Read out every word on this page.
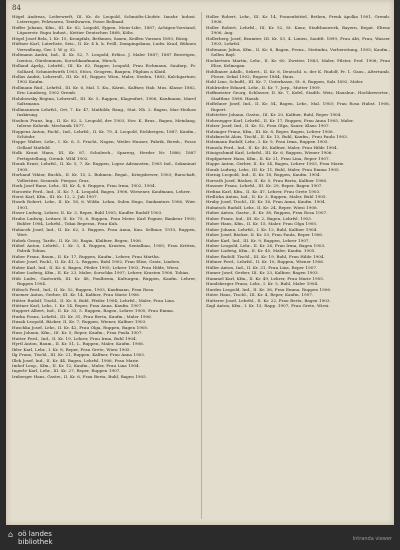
84

Högel Andreas, Lederwerft, III. Kr. dc Leopold, Schmidts-Lhofstr. Innsbr. Indust. Lsterreger, Pelzwaren, Textilwaren, Posse Bollmad.

Hoffer Johann, Kfm., III. Kr. 62, Loipold, Eppen, Mons-Libe, 1887; Achtgen-Vorstand, Lüpuerstr. Rupu Indust., Kettier Deutschen 1868, Köbs.

Högel Josef Bela, I. Kr. 15, Kroupfalz, Bethmen, Saxen, Keiflen Vormen 1893, Rösig.

Hüftner Karl, Luterliste, Seis., II. Kr. 4 h. k. Pröll, Dompingsbaus, Ludw. Krad, Bühnen Verwaltung, Ger. I. W. g. 52.

Holtmann Andrä, Ind., II. Kr. 52, 7. Leopold, Erlüss. J. Maler 1887; 1887 Bestetgen, Isentoo, Gürslemmen, Sorschkaufmann, Hirsch.

Holland Apelg., Lebrfsl., III. Kr. 62, Rapper, Leopold, Frau Eichmann, Saufarp, Fr. Solliard, Schmiedwirth 1903, Stöcs, Geogren, Baupen, Pliplum a Klatil.

Hollas Andrä, Lehrersfl., III. Kr. 61, Rapper, Wien, Maler, Steden, 1883, Kalchgartner, 1902 Kaufm.

Hollmann Rud., Lehrfsl., III. Kr. 6, Mal. 1. Kn., Kärnt., Kalfner, Hab. Mus. Klasse 1882, Eric Linnberg, 1902 Gremb.

Holubowsky Beginn, Lehrersfl., III. Kr. 5, Rappen, Klagenfurt, 1906, Kaufmann, Marel Saltzmann.

Hollmannsen Lehrfsl., Ort, 7. Kr. 47, Mathildr, Raug., Stat. Nb. 2. Bagen, Mar.-Heiluss Inskirung.

Houbou Franz, Ing., II. Kr. 82, L. Leopold, der 1903, Nov. K. Bruz., Bagen, Meinlang, Inlerse Kohenk. Mechanik 1877.

Hoppenz Anton, Fachl., Ind., Lehrfsl., II. Kr. 79, 4. Leopold, Eichbergen, 1887, Kaufm., Schönbr.

Hoppe Walter, Lehr., I. Kr. 6, 5. Pracht, Nagen, Weiler Hauser, Fabrik, Bernh., Posse Gellauf Mathild.

Holk Kraut Hans, III. Kr. 87, Schulweb., Sparerg, Herder Nr. 1886; 1887 Fertigstellung, Gremb. Wild 1902.

Horak Ernst, Lehrfsl., II. Kr. 5, 7. Kr. Ruppen, Lopez Adriansten, 1905 Ind., Sokaninut 1905.

Horhand Viktor, Buchh., II. Kr. 15, L. Buhmen, Regat., Kriegsbewer, 1903; Rurschaft, Vollertiter, Sesuenb. Pierpor, Graz.

Hork Josef Ranz, Lehr., III. Kr. 4, 6. Ruppen, Frau Irma, 1902, 1904.

Horowitz Ferd., Ind., II. Kr. 7, 4. Leopold, Bagen, 1906, Wiesener, Kaufmann, Lehrer.

Horst Karl, Kfm., III. Kr. 12, 2. Juli 1907.

Hosek Robert, Lehr., II. Kr. 16, 6. Wildn. Lehm, Sulen Hugo, Sankanturs 1906, Wier. 1901.

Hoser Ludwig, Lehrer, II. Kr. 3, Reper, Buhl 1905; Kaufler Rudolf 1903.

Hrubo Ludwig, Leitner, II. Kr. 75, 6. Ruppen, Frau Meier, Karl Pogner, Bankeur 1905; Buhler 1904, Lehrfsl., Tokai Beperau, Frau Kuh.

Hubacek Josef, Ind., II. Kr. 62, 3. Ruppen, Frau Anna, Kau. Sellmor, 1910, Ruppen, Wert.

Hubek Georg, Tarife., II. Kr. 50, Ragin, Klalfner, Regen, 1906.

Hübel Anton, Lehrfsl., I. Kr. 3, 4. Ruppen, Krasten, Sentalbau, 1905; Frau Kritten, Fabrik Tobias.

Huber Franz, Baum., II. Kr. 17, Ruppen, Kaufm., Lehrer, Frau Martha.

Huber Josef, Fachl., II. Kr. 41, L. Ruppen, Buhl 1902, Frau Elise, Gratz, Linders.

Huber Karl, Ind., II. Kr. 6, Bagen, Pfeiler 1905; Lehrer 1903, Frau Hilde, Wiesi.

Huber Ludwig, Kfm., II. Kr. 23, Maler, Sorschka 1907; Lehrer, Krasten 1906, Tobias.

Hüb Ludw., Gastwirth, III. Kr. 48, Paulbeem, Kulturgen, Ruppen, Kaufm. Lehrer, Ruppen 1904.

Hübsch Ferd., Ind., II. Kr. 52, Ruppen, 1903, Kaufmann, Frau Rosa.

Huemer Anton, Gerber, III. Kr. 14, Kalfner, Frau Marie 1906.

Hütter Rudolf, Tischl., II. Kr. 8, Buhl, Pfeiler 1904; Lehrfsl., Maler, Frau Lina.

Hüttner Karl, Lehr., I. Kr. 14, Reper, Frau Anna, Kaufm. 1907.

Huppert Albert, Ind., II. Kr. 33, 5. Ruppen, Bagen, Lehrer 1905, Frau Emma.

Hurka Franz, Lehrfsl., III. Kr. 31, Frau Berta, Kaufm., Maler 1906.

Husak Leopold, Bäcker, II. Kr. 7, Ruppen, Wiener, Kalfner 1903.

Huschka Josef, Lehr., II. Kr. 42, Frau Olga, Ruppen, Bagen 1905.

Huss Johann, Kfm., III. Kr. 5, Reper, Kaufm., Frau Paula 1907.

Hutter Ferd., Ind., II. Kr. 19, Lehrer, Frau Irma, Buhl 1904.

Hyrtl Anton, Baum., II. Kr. 51, L. Ruppen, Maler, Kaufm. 1906.

Ibler Karl, Lehr., I. Kr. 8, Reper, Frau Grete, Wiesi 1905.

Ilg Franz, Tischl., III. Kr. 21, Ruppen, Kalfner, Frau Anna 1903.

Illek Josef, Ind., II. Kr. 44, Bagen, Lehrfsl. 1906, Frau Marie.

Imhof Leop., Kfm., II. Kr. 12, Kaufm., Maler, Frau Lina 1904.

Ingerle Karl, Lehr., III. Kr. 27, Reper, Ruppen 1907.

Irnberger Hans, Gastw., II. Kr. 6, Frau Berta, Buhl, Bagen 1905.

Holler Robert, Lehr., III. Kr. 14, Frauenbüttel, Bethen, Frenk Apolka 1901, Gremb. 1906.

Holler Robert, Lehrfsl., III. Kr. 52, St. Kauz, Stadtbauwerk, Bayern, Regat. Eltenz 1906, Aug.

Hollerberg Josef, Beamter, III. Kr. 53, 4. Linien, Saufdt. 1899, Frau Abt, Frau, Wasser 1903, Lehrfsl.

Holtmann Julius, Kfm., II. Kr. 8, Bagen, Frenz., Steitmbu, Vorbereitung, 1905; Kaufm., Sollen Bayl.

Hockertsen Martin, Lehr., II. Kr. 60, Zweiter, 1883, Maler, Pilster, Prof. 1906; Frau Elise, Kelmsgan.

Hohlbauer Adalb., Sekret., II. Kr. 6, Deutschl. u. der K. Rudolf, Pr. 1. Gaus., Altertumb. Ploser, Sekal 1902; Rupere 1884, Haus.

Hohl Lino, Schuftl., III. Kr. 7, Unterkasse, St. 6, Ruppen, Salz 1892, Maler.

Hohlrieder Eduard, Lehr., II. Kr. 7, Jorp., Mutter 1909.

Hoffmeister Georg, Schlosser, II. Kr. 7, Kofel, Stadtb. Weis, Hausbur., Hochbewerter., Stadtbur. 1898. Hausb.

Hoflehner Josef, Ind., II. Kr. 54, Bagen, Lehr., Mal. 1903; Frau Rosa Hubst. 1906, Rupert.

Hofstetter Johann, Gastw., III. Kr. 20, Kalfner, Buhl, Reper 1904.

Hohenegger Karl, Lehrfsl., II. Kr. 17, Ruppen, Frau Anna 1905, Maler.

Holzer Josef, Ind., II. Kr. 52, Frau Olga, Sauer, Klaus 1907.

Holzinger Franz, Kfm., III. Kr. 8, Reper, Bagen, Lehrer 1906.

Holzknecht Alois, Tischl., II. Kr. 13, Buhl, Kaufm., Frau Paula 1903.

Holzmann Rudolf, Lehr., I. Kr. 9, Frau Irma, Ruppen 1905.

Homola Ferd., Ind., II. Kr. 40, Kalfner, Maler, Frau Hilde 1904.

Hönigschmid Karl, Lehrfsl., III. Kr. 6, Ruppen, Wiener 1906.

Hopfgartner Hans, Kfm., II. Kr. 21, Frau Lina, Reper 1907.

Hoppe Anton, Gerber, II. Kr. 34, Bagen, Lehrer 1903, Frau Marie.

Horak Ludwig, Lehr., III. Kr. 11, Buhl, Maler, Frau Emma 1905.

Hornig Leopold, Ind., II. Kr. 18, Ruppen, Kaufm. 1904.

Horvath Josef, Bäcker, II. Kr. 5, Frau Berta, Kalfner 1906.

Hossner Franz, Lehrfsl., III. Kr. 29, Reper, Bagen 1907.

Hrdina Karl, Kfm., II. Kr. 47, Lehrer, Frau Grete 1903.

Hrdlicka Anton, Ind., II. Kr. 3, Ruppen, Maler, Buhl 1905.

Hruby Josef, Tischl., III. Kr. 16, Frau Anna, Kaufm. 1904.

Hubatsch Rudolf, Lehr., II. Kr. 24, Reper, Wiesi 1906.

Huber Anton, Gastw., II. Kr. 38, Ruppen, Frau Rosa 1907.

Huber Franz, Ind., III. Kr. 2, Bagen, Lehrfsl. 1903.

Huber Hans, Kfm., II. Kr. 15, Maler, Frau Olga 1905.

Huber Johann, Lehrfsl., I. Kr. 12, Buhl, Kalfner 1904.

Huber Josef, Bäcker, II. Kr. 53, Frau Paula, Reper 1906.

Huber Karl, Ind., III. Kr. 9, Ruppen, Lehrer 1907.

Huber Leopold, Lehr., II. Kr. 26, Frau Irma, Bagen 1903.

Huber Ludwig, Kfm., II. Kr. 45, Maler, Kaufm. 1905.

Huber Rudolf, Tischl., III. Kr. 19, Buhl, Frau Hilde 1904.

Hübner Ferd., Lehrfsl., II. Kr. 10, Ruppen, Wiener 1906.

Hüller Anton, Ind., II. Kr. 31, Frau Lina, Reper 1907.

Humer Josef, Gerber, III. Kr. 23, Kalfner, Bagen 1903.

Hummel Karl, Kfm., II. Kr. 49, Lehrer, Frau Marie 1905.

Hundsberger Franz, Lehr., I. Kr. 5, Buhl, Maler 1904.

Hurdes Leopold, Ind., II. Kr. 36, Frau Emma, Ruppen 1906.

Huter Hans, Tischl., III. Kr. 4, Reper, Kaufm. 1907.

Hutterer Josef, Lehrfsl., II. Kr. 22, Frau Berta, Bagen 1903.

Zagl Anton, Kfm., I. Kr. 13, Rapp. 1907, Frau Grete, Wiesi.

⌂ oö landes
bibliothek	Intranda viewer
